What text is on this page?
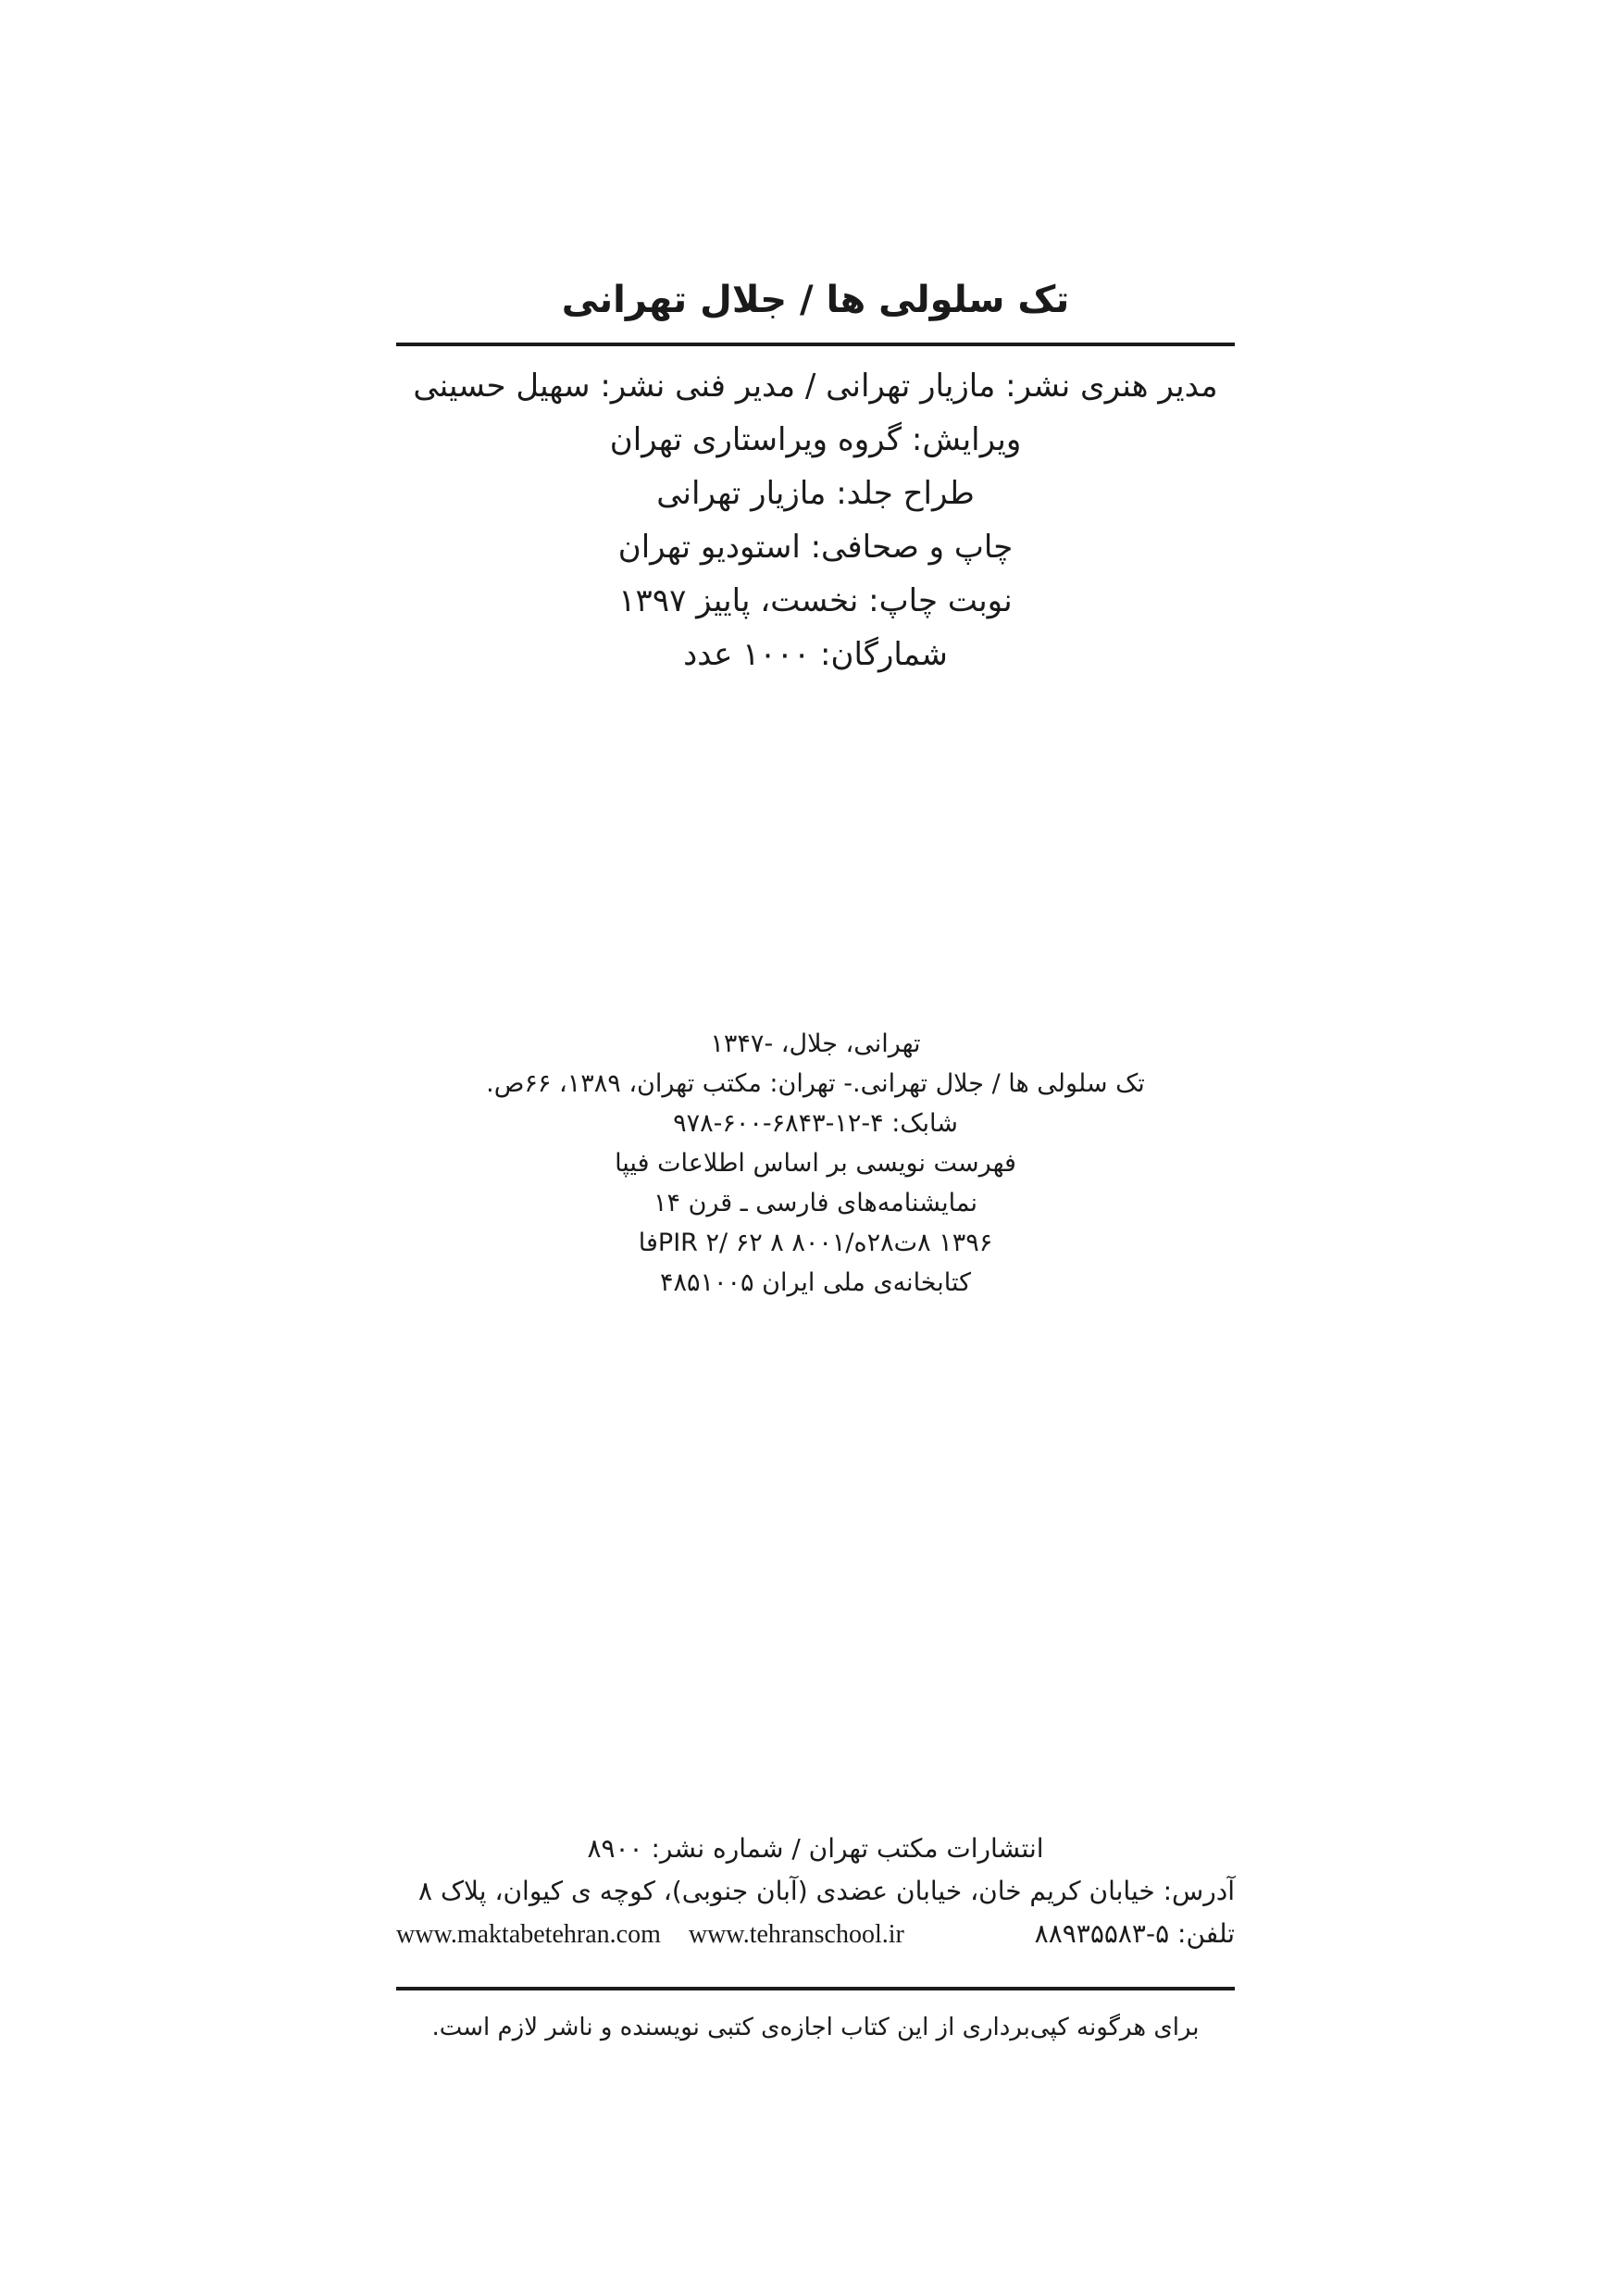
تک سلولی ها / جلال تهرانی
مدیر هنری نشر: مازیار تهرانی / مدیر فنی نشر: سهیل حسینی
ویرایش: گروه ویراستاری تهران
طراح جلد: مازیار تهرانی
چاپ و صحافی: استودیو تهران
نوبت چاپ: نخست، پاییز ۱۳۹۷
شمارگان: ۱۰۰۰ عدد
تهرانی، جلال، -۱۳۴۷
تک سلولی ها / جلال تهرانی.- تهران: مکتب تهران، ۱۳۸۹، ۶۶ص.
شابک: ۴-۱۲-۶۸۴۳-۶۰۰-۹۷۸
فهرست نویسی بر اساس اطلاعات فیپا
نمایشنامه‌های فارسی ـ قرن ۱۴
۱۳۹۶ ۸ت۲۸ه/۸۰۰۱ PIR ۲/ ۶۲ ۸فا
کتابخانه‌ی ملی ایران ۴۸۵۱۰۰۵
انتشارات مکتب تهران / شماره نشر: ۸۹۰۰
آدرس: خیابان کریم خان، خیابان عضدی (آبان جنوبی)، کوچه ی کیوان، پلاک ۸
تلفن: ۵-۸۸۹۳۵۵۸۳
www.maktabetehran.com www.tehranschool.ir
برای هرگونه کپی‌برداری از این کتاب اجازه‌ی کتبی نویسنده و ناشر لازم است.
